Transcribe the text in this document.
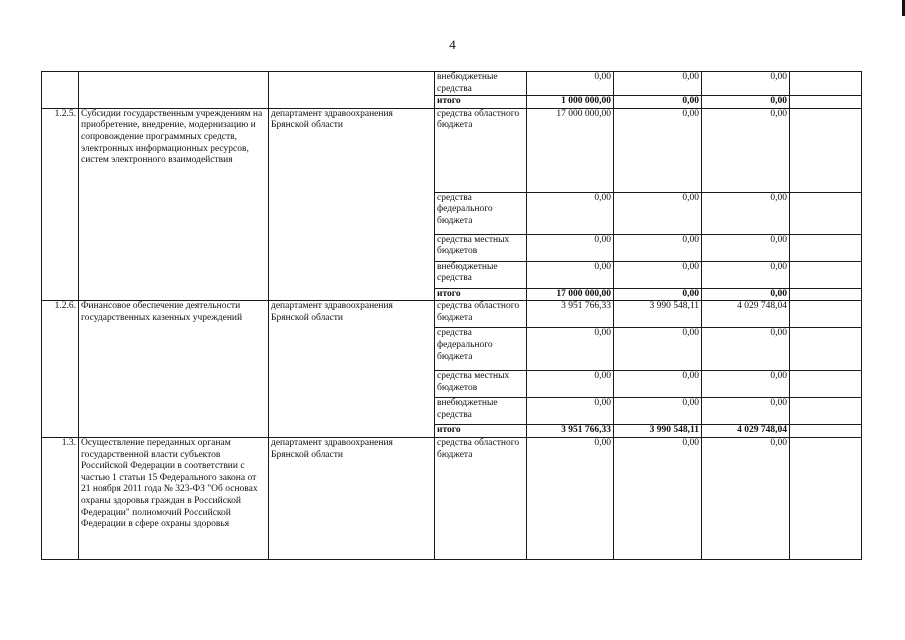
4
			внебюджетные средства	0,00	0,00	0,00	
			итого	1 000 000,00	0,00	0,00	
1.2.5.	Субсидии государственным учреждениям на приобретение, внедрение, модернизацию и сопровождение программных средств, электронных информационных ресурсов, систем электронного взаимодействия	департамент здравоохранения Брянской области	средства областного бюджета	17 000 000,00	0,00	0,00	
			средства федерального бюджета	0,00	0,00	0,00	
			средства местных бюджетов	0,00	0,00	0,00	
			внебюджетные средства	0,00	0,00	0,00	
			итого	17 000 000,00	0,00	0,00	
1.2.6.	Финансовое обеспечение деятельности государственных казенных учреждений	департамент здравоохранения Брянской области	средства областного бюджета	3 951 766,33	3 990 548,11	4 029 748,04	
			средства федерального бюджета	0,00	0,00	0,00	
			средства местных бюджетов	0,00	0,00	0,00	
			внебюджетные средства	0,00	0,00	0,00	
			итого	3 951 766,33	3 990 548,11	4 029 748,04	
1.3.	Осуществление переданных органам государственной власти субъектов Российской Федерации в соответствии с частью 1 статьи 15 Федерального закона от 21 ноября 2011 года № 323-ФЗ "Об основах охраны здоровья граждан в Российской Федерации" полномочий Российской Федерации в сфере охраны здоровья	департамент здравоохранения Брянской области	средства областного бюджета	0,00	0,00	0,00	
